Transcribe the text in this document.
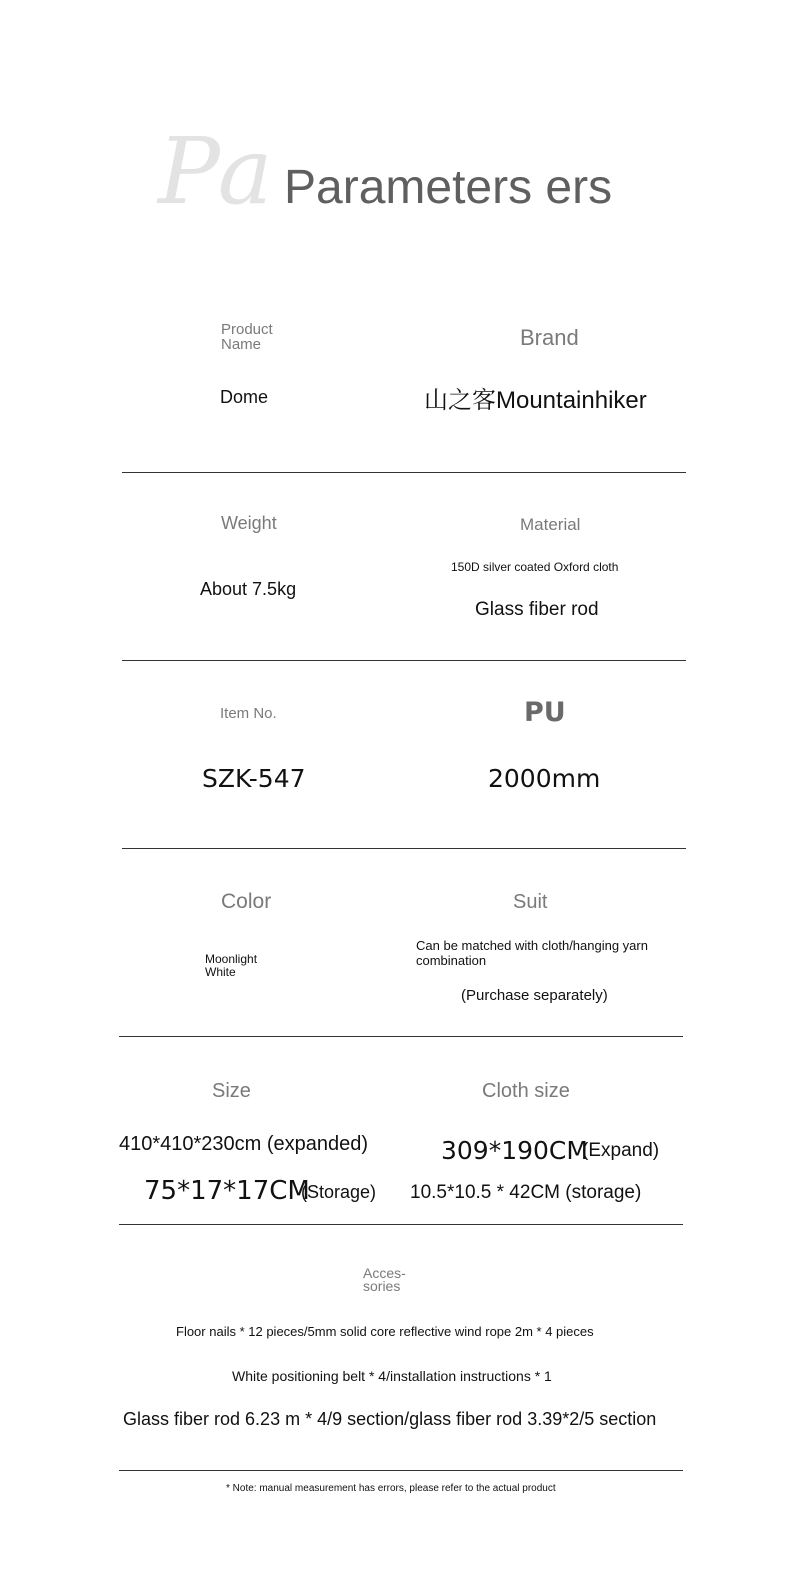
Pa Parameters ers
Product Name
Dome
Brand
山之客Mountainhiker
Weight
About 7.5kg
Material
150D silver coated Oxford cloth
Glass fiber rod
Item No.
SZK-547
PU
2000mm
Color
Moonlight White
Suit
Can be matched with cloth/hanging yarn combination
(Purchase separately)
Size
410*410*230cm (expanded)
75*17*17CM
(Storage)
Cloth size
309*190CM
(Expand)
10.5*10.5 * 42CM (storage)
Acces- sories
Floor nails * 12 pieces/5mm solid core reflective wind rope 2m * 4 pieces
White positioning belt * 4/installation instructions * 1
Glass fiber rod 6.23 m * 4/9 section/glass fiber rod 3.39*2/5 section
* Note: manual measurement has errors, please refer to the actual product
